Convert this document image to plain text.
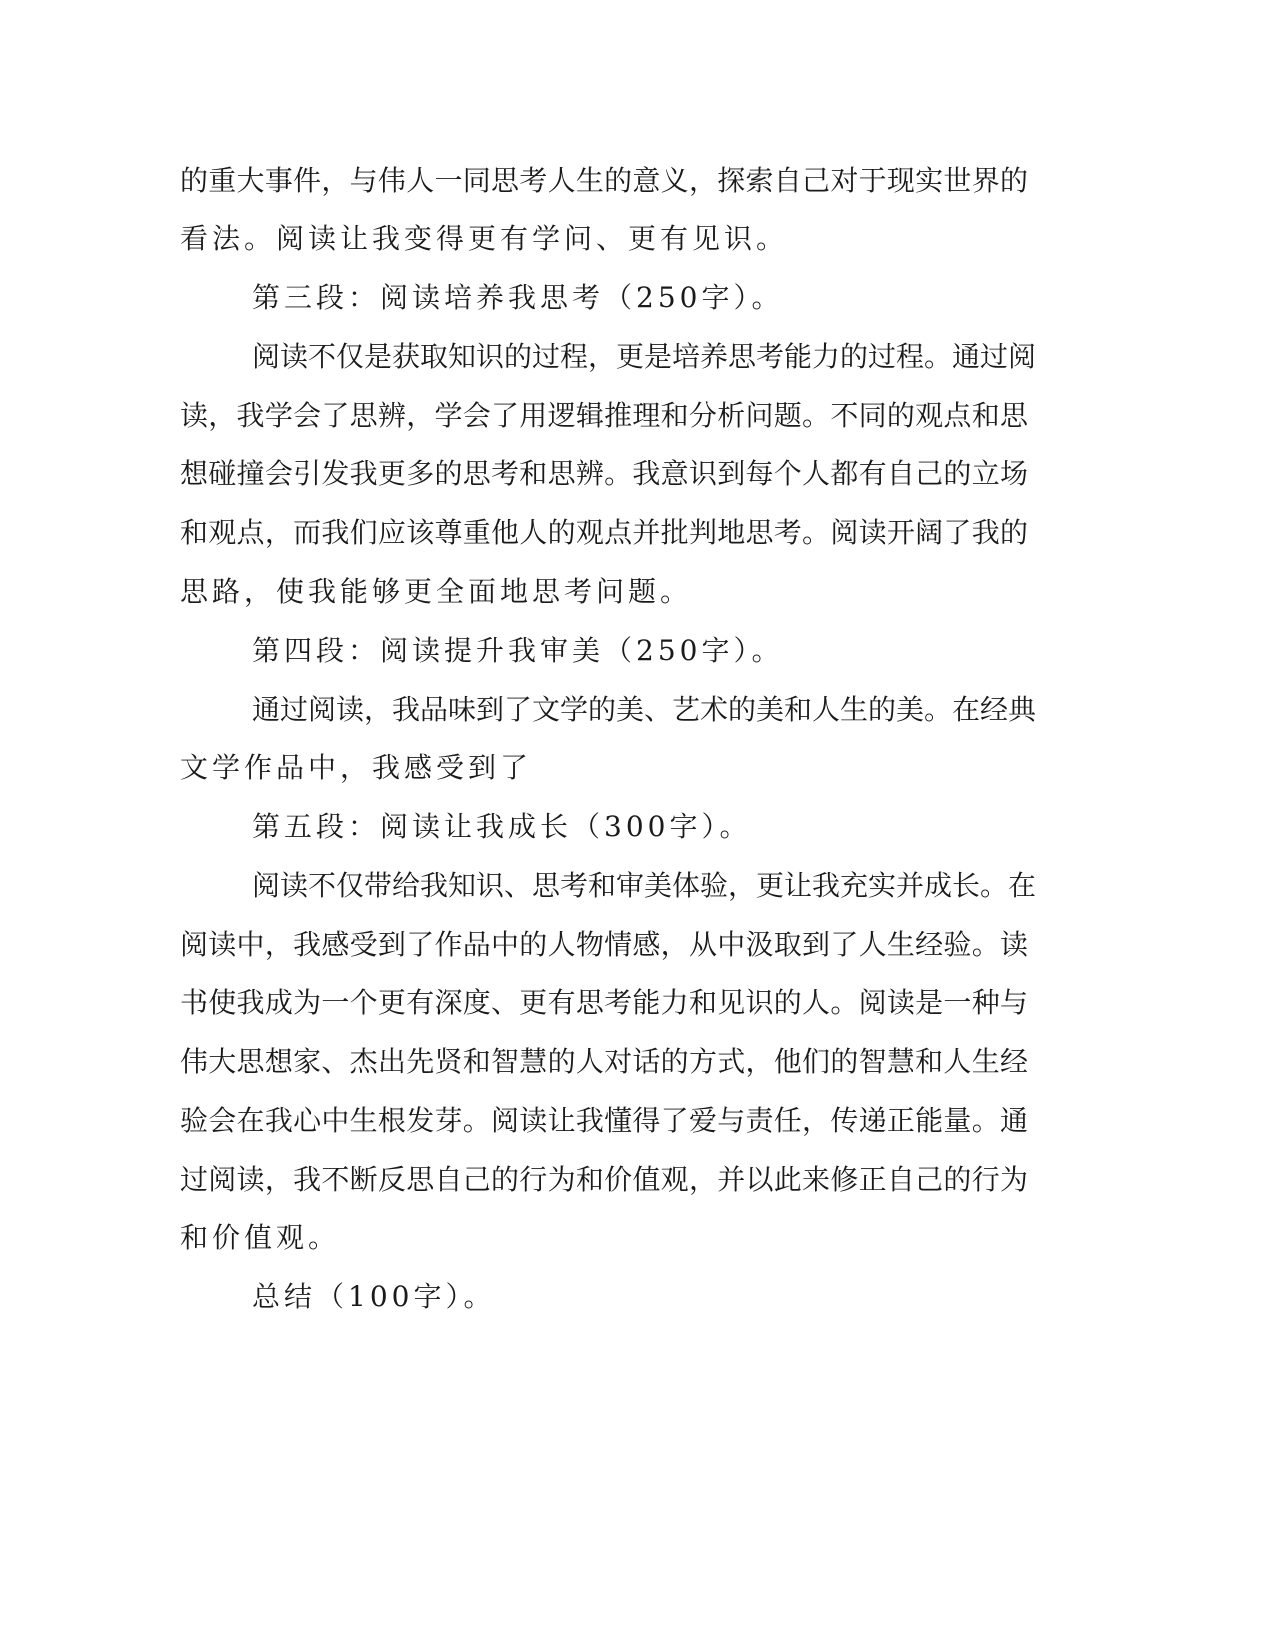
的重大事件，与伟人一同思考人生的意义，探索自己对于现实世界的
看法。阅读让我变得更有学问、更有见识。
第三段：阅读培养我思考（250字）。
阅读不仅是获取知识的过程，更是培养思考能力的过程。通过阅
读，我学会了思辨，学会了用逻辑推理和分析问题。不同的观点和思
想碰撞会引发我更多的思考和思辨。我意识到每个人都有自己的立场
和观点，而我们应该尊重他人的观点并批判地思考。阅读开阔了我的
思路，使我能够更全面地思考问题。
第四段：阅读提升我审美（250字）。
通过阅读，我品味到了文学的美、艺术的美和人生的美。在经典
文学作品中，我感受到了
第五段：阅读让我成长（300字）。
阅读不仅带给我知识、思考和审美体验，更让我充实并成长。在
阅读中，我感受到了作品中的人物情感，从中汲取到了人生经验。读
书使我成为一个更有深度、更有思考能力和见识的人。阅读是一种与
伟大思想家、杰出先贤和智慧的人对话的方式，他们的智慧和人生经
验会在我心中生根发芽。阅读让我懂得了爱与责任，传递正能量。通
过阅读，我不断反思自己的行为和价值观，并以此来修正自己的行为
和价值观。
总结（100字）。
